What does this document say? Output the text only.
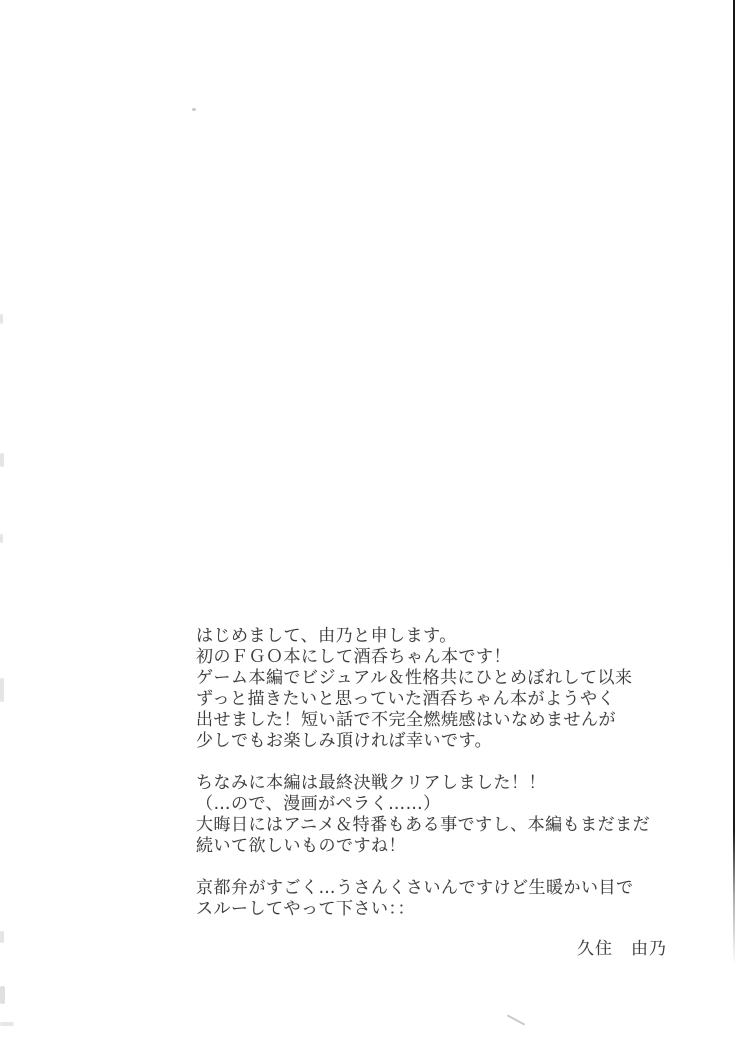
はじめまして、由乃と申します。
初のＦＧＯ本にして酒呑ちゃん本です！
ゲーム本編でビジュアル＆性格共にひとめぼれして以来
ずっと描きたいと思っていた酒呑ちゃん本がようやく
出せました！短い話で不完全燃焼感はいなめませんが
少しでもお楽しみ頂ければ幸いです。
ちなみに本編は最終決戦クリアしました！！
（…ので、漫画がペラく……）
大晦日にはアニメ＆特番もある事ですし、本編もまだまだ
続いて欲しいものですね！
京都弁がすごく…うさんくさいんですけど生暖かい目で
スルーしてやって下さい：：
久住　由乃
